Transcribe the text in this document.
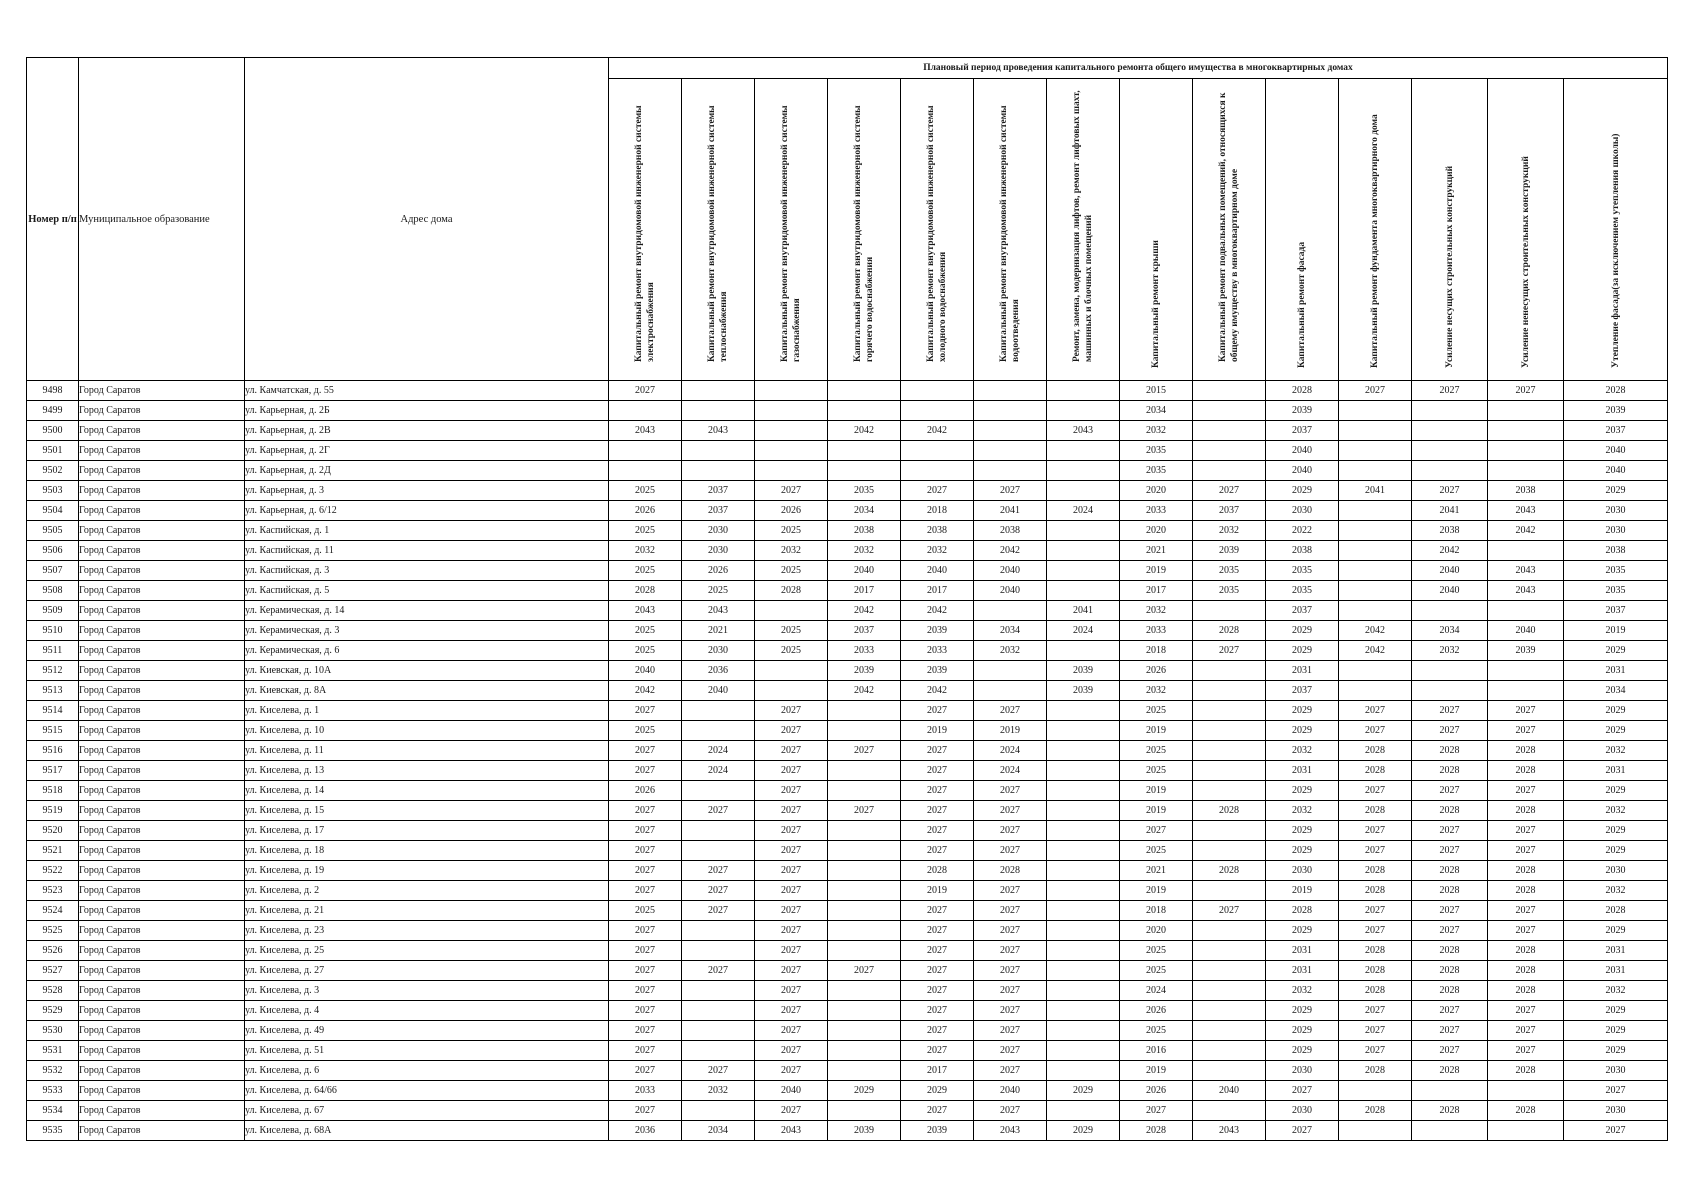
Номер п/п	Муниципальное образование	Адрес дома	Плановый период проведения капитального ремонта общего имущества в многоквартирных домах													

			Капитальный ремонт внутридомовой инженерной системы электроснабжения	Капитальный ремонт внутридомовой инженерной системы теплоснабжения	Капитальный ремонт внутридомовой инженерной системы газоснабжения	Капитальный ремонт внутридомовой инженерной системы горячего водоснабжения	Капитальный ремонт внутридомовой инженерной системы холодного водоснабжения	Капитальный ремонт внутридомовой инженерной системы водоотведения	Ремонт, замена, модернизация лифтов, ремонт лифтовых шахт, машинных и блочных помещений	Капитальный ремонт крыши	Капитальный ремонт подвальных помещений, относящихся к общему имуществу в многоквартирном доме	Капитальный ремонт фасада	Капитальный ремонт фундамента многоквартирного дома	Усиление несущих строительных конструкций	Усиление ненесущих строительных конструкций	Утепление фасада(за исключением утепления школы)

9498	Город Саратов	ул. Камчатская, д. 55	2027							2015		2028	2027	2027	2027	2028
9499	Город Саратов	ул. Карьерная, д. 2Б								2034		2039				2039
9500	Город Саратов	ул. Карьерная, д. 2В	2043	2043		2042	2042		2043	2032		2037				2037
9501	Город Саратов	ул. Карьерная, д. 2Г								2035		2040				2040
9502	Город Саратов	ул. Карьерная, д. 2Д								2035		2040				2040
9503	Город Саратов	ул. Карьерная, д. 3	2025	2037	2027	2035	2027	2027		2020	2027	2029	2041	2027	2038	2029
9504	Город Саратов	ул. Карьерная, д. 6/12	2026	2037	2026	2034	2018	2041	2024	2033	2037	2030		2041	2043	2030
9505	Город Саратов	ул. Каспийская, д. 1	2025	2030	2025	2038	2038	2038		2020	2032	2022		2038	2042	2030
9506	Город Саратов	ул. Каспийская, д. 11	2032	2030	2032	2032	2032	2042		2021	2039	2038		2042		2038
9507	Город Саратов	ул. Каспийская, д. 3	2025	2026	2025	2040	2040	2040		2019	2035	2035		2040	2043	2035
9508	Город Саратов	ул. Каспийская, д. 5	2028	2025	2028	2017	2017	2040		2017	2035	2035		2040	2043	2035
9509	Город Саратов	ул. Керамическая, д. 14	2043	2043		2042	2042		2041	2032		2037				2037
9510	Город Саратов	ул. Керамическая, д. 3	2025	2021	2025	2037	2039	2034	2024	2033	2028	2029	2042	2034	2040	2019
9511	Город Саратов	ул. Керамическая, д. 6	2025	2030	2025	2033	2033	2032		2018	2027	2029	2042	2032	2039	2029
9512	Город Саратов	ул. Киевская, д. 10А	2040	2036		2039	2039		2039	2026		2031				2031
9513	Город Саратов	ул. Киевская, д. 8А	2042	2040		2042	2042		2039	2032		2037				2034
9514	Город Саратов	ул. Киселева, д. 1	2027		2027		2027	2027		2025		2029	2027	2027	2027	2029
9515	Город Саратов	ул. Киселева, д. 10	2025		2027		2019	2019		2019		2029	2027	2027	2027	2029
9516	Город Саратов	ул. Киселева, д. 11	2027	2024	2027	2027	2027	2024		2025		2032	2028	2028	2028	2032
9517	Город Саратов	ул. Киселева, д. 13	2027	2024	2027		2027	2024		2025		2031	2028	2028	2028	2031
9518	Город Саратов	ул. Киселева, д. 14	2026		2027		2027	2027		2019		2029	2027	2027	2027	2029
9519	Город Саратов	ул. Киселева, д. 15	2027	2027	2027	2027	2027	2027		2019	2028	2032	2028	2028	2028	2032
9520	Город Саратов	ул. Киселева, д. 17	2027		2027		2027	2027		2027		2029	2027	2027	2027	2029
9521	Город Саратов	ул. Киселева, д. 18	2027		2027		2027	2027		2025		2029	2027	2027	2027	2029
9522	Город Саратов	ул. Киселева, д. 19	2027	2027	2027		2028	2028		2021	2028	2030	2028	2028	2028	2030
9523	Город Саратов	ул. Киселева, д. 2	2027	2027	2027		2019	2027		2019		2019	2028	2028	2028	2032
9524	Город Саратов	ул. Киселева, д. 21	2025	2027	2027		2027	2027		2018	2027	2028	2027	2027	2027	2028
9525	Город Саратов	ул. Киселева, д. 23	2027		2027		2027	2027		2020		2029	2027	2027	2027	2029
9526	Город Саратов	ул. Киселева, д. 25	2027		2027		2027	2027		2025		2031	2028	2028	2028	2031
9527	Город Саратов	ул. Киселева, д. 27	2027	2027	2027	2027	2027	2027		2025		2031	2028	2028	2028	2031
9528	Город Саратов	ул. Киселева, д. 3	2027		2027		2027	2027		2024		2032	2028	2028	2028	2032
9529	Город Саратов	ул. Киселева, д. 4	2027		2027		2027	2027		2026		2029	2027	2027	2027	2029
9530	Город Саратов	ул. Киселева, д. 49	2027		2027		2027	2027		2025		2029	2027	2027	2027	2029
9531	Город Саратов	ул. Киселева, д. 51	2027		2027		2027	2027		2016		2029	2027	2027	2027	2029
9532	Город Саратов	ул. Киселева, д. 6	2027	2027	2027		2017	2027		2019		2030	2028	2028	2028	2030
9533	Город Саратов	ул. Киселева, д. 64/66	2033	2032	2040	2029	2029	2040	2029	2026	2040	2027				2027
9534	Город Саратов	ул. Киселева, д. 67	2027		2027		2027	2027		2027		2030	2028	2028	2028	2030
9535	Город Саратов	ул. Киселева, д. 68А	2036	2034	2043	2039	2039	2043	2029	2028	2043	2027				2027
